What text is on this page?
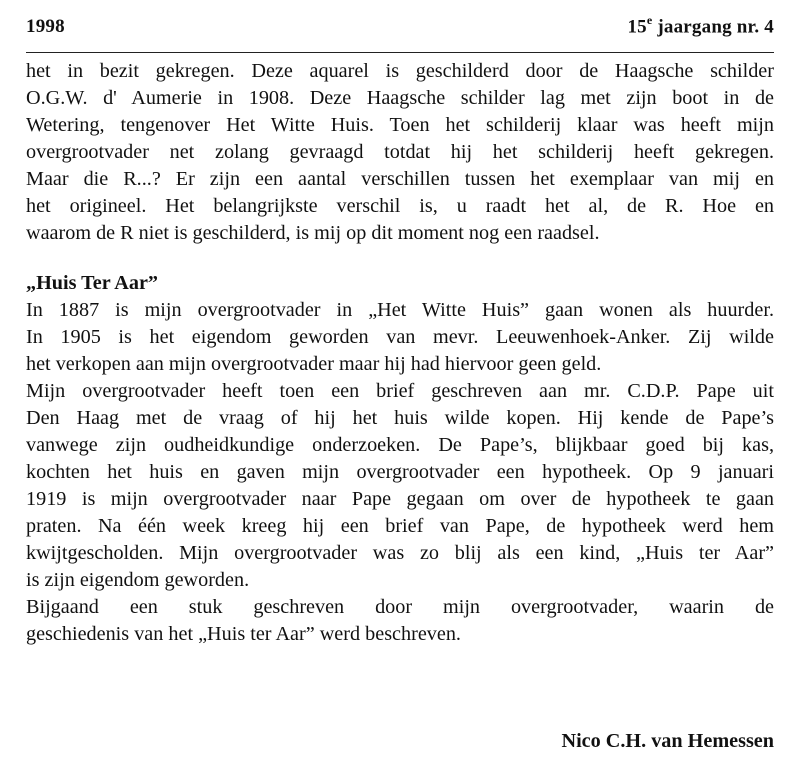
1998	15e jaargang nr. 4
het in bezit gekregen. Deze aquarel is geschilderd door de Haagsche schilder
O.G.W. d' Aumerie in 1908. Deze Haagsche schilder lag met zijn boot in de
Wetering, tengenover Het Witte Huis. Toen het schilderij klaar was heeft mijn
overgrootvader net zolang gevraagd totdat hij het schilderij heeft gekregen.
Maar die R...? Er zijn een aantal verschillen tussen het exemplaar van mij en
het origineel. Het belangrijkste verschil is, u raadt het al, de R. Hoe en
waarom de R niet is geschilderd, is mij op dit moment nog een raadsel.
„Huis Ter Aar”
In 1887 is mijn overgrootvader in „Het Witte Huis” gaan wonen als huurder.
In 1905 is het eigendom geworden van mevr. Leeuwenhoek-Anker. Zij wilde
het verkopen aan mijn overgrootvader maar hij had hiervoor geen geld.
Mijn overgrootvader heeft toen een brief geschreven aan mr. C.D.P. Pape uit
Den Haag met de vraag of hij het huis wilde kopen. Hij kende de Pape’s
vanwege zijn oudheidkundige onderzoeken. De Pape’s, blijkbaar goed bij kas,
kochten het huis en gaven mijn overgrootvader een hypotheek. Op 9 januari
1919 is mijn overgrootvader naar Pape gegaan om over de hypotheek te gaan
praten. Na één week kreeg hij een brief van Pape, de hypotheek werd hem
kwijtgescholden. Mijn overgrootvader was zo blij als een kind, „Huis ter Aar”
is zijn eigendom geworden.
Bijgaand een stuk geschreven door mijn overgrootvader, waarin de
geschiedenis van het „Huis ter Aar” werd beschreven.
Nico C.H. van Hemessen
